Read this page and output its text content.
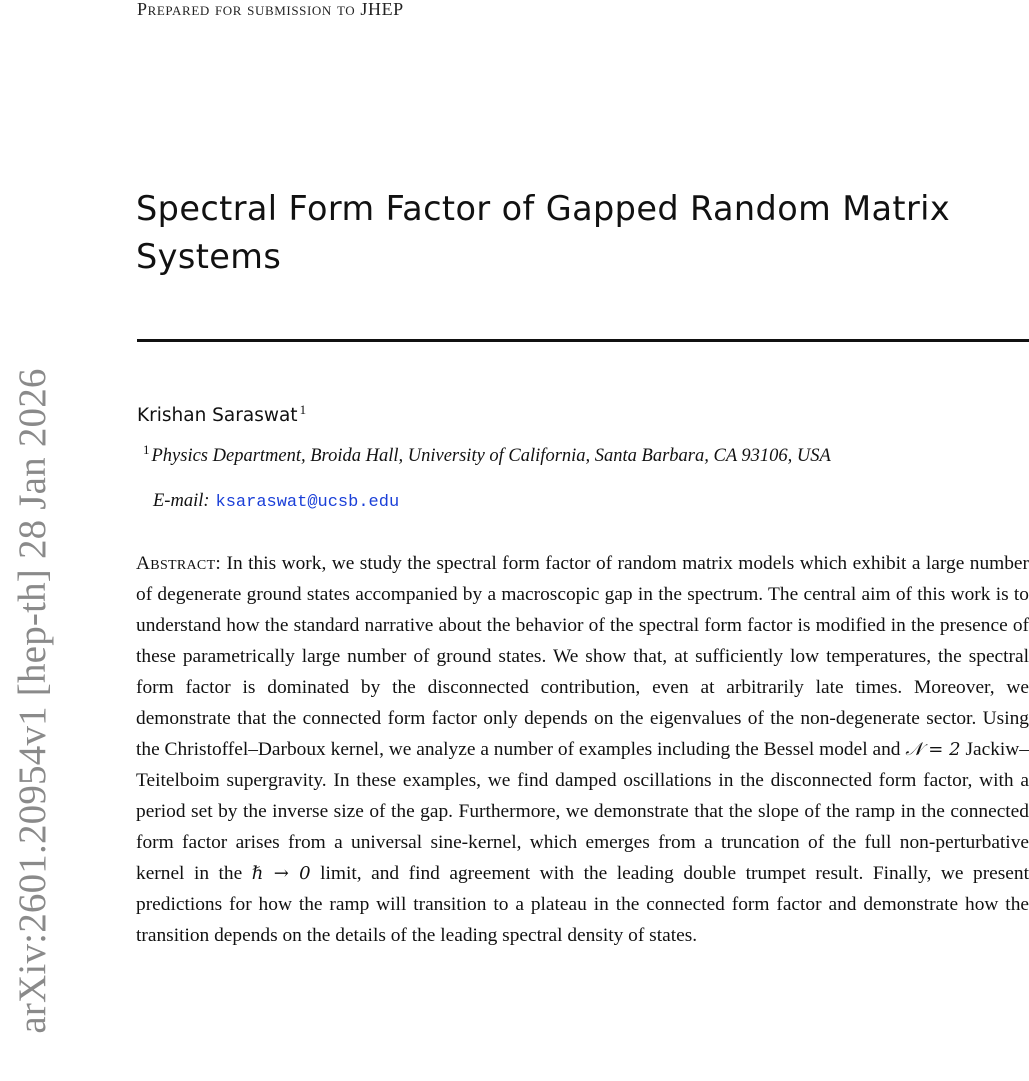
arXiv:2601.20954v1 [hep-th] 28 Jan 2026
Prepared for submission to JHEP
Spectral Form Factor of Gapped Random Matrix Systems
Krishan Saraswat $^1$
$^1$ Physics Department, Broida Hall, University of California, Santa Barbara, CA 93106, USA
E-mail: ksaraswat@ucsb.edu

Abstract: In this work, we study the spectral form factor of random matrix models which exhibit a large number of degenerate ground states accompanied by a macroscopic gap in the spectrum. The central aim of this work is to understand how the standard narrative about the behavior of the spectral form factor is modified in the presence of these parametrically large number of ground states. We show that, at sufficiently low temperatures, the spectral form factor is dominated by the disconnected contribution, even at arbitrarily late times. Moreover, we demonstrate that the connected form factor only depends on the eigenvalues of the non-degenerate sector. Using the Christoffel–Darboux kernel, we analyze a number of examples including the Bessel model and 𝒩 = 2 Jackiw–Teitelboim supergravity. In these examples, we find damped oscillations in the disconnected form factor, with a period set by the inverse size of the gap. Furthermore, we demonstrate that the slope of the ramp in the connected form factor arises from a universal sine-kernel, which emerges from a truncation of the full non-perturbative kernel in the ℏ → 0 limit, and find agreement with the leading double trumpet result. Finally, we present predictions for how the ramp will transition to a plateau in the connected form factor and demonstrate how the transition depends on the details of the leading spectral density of states.
